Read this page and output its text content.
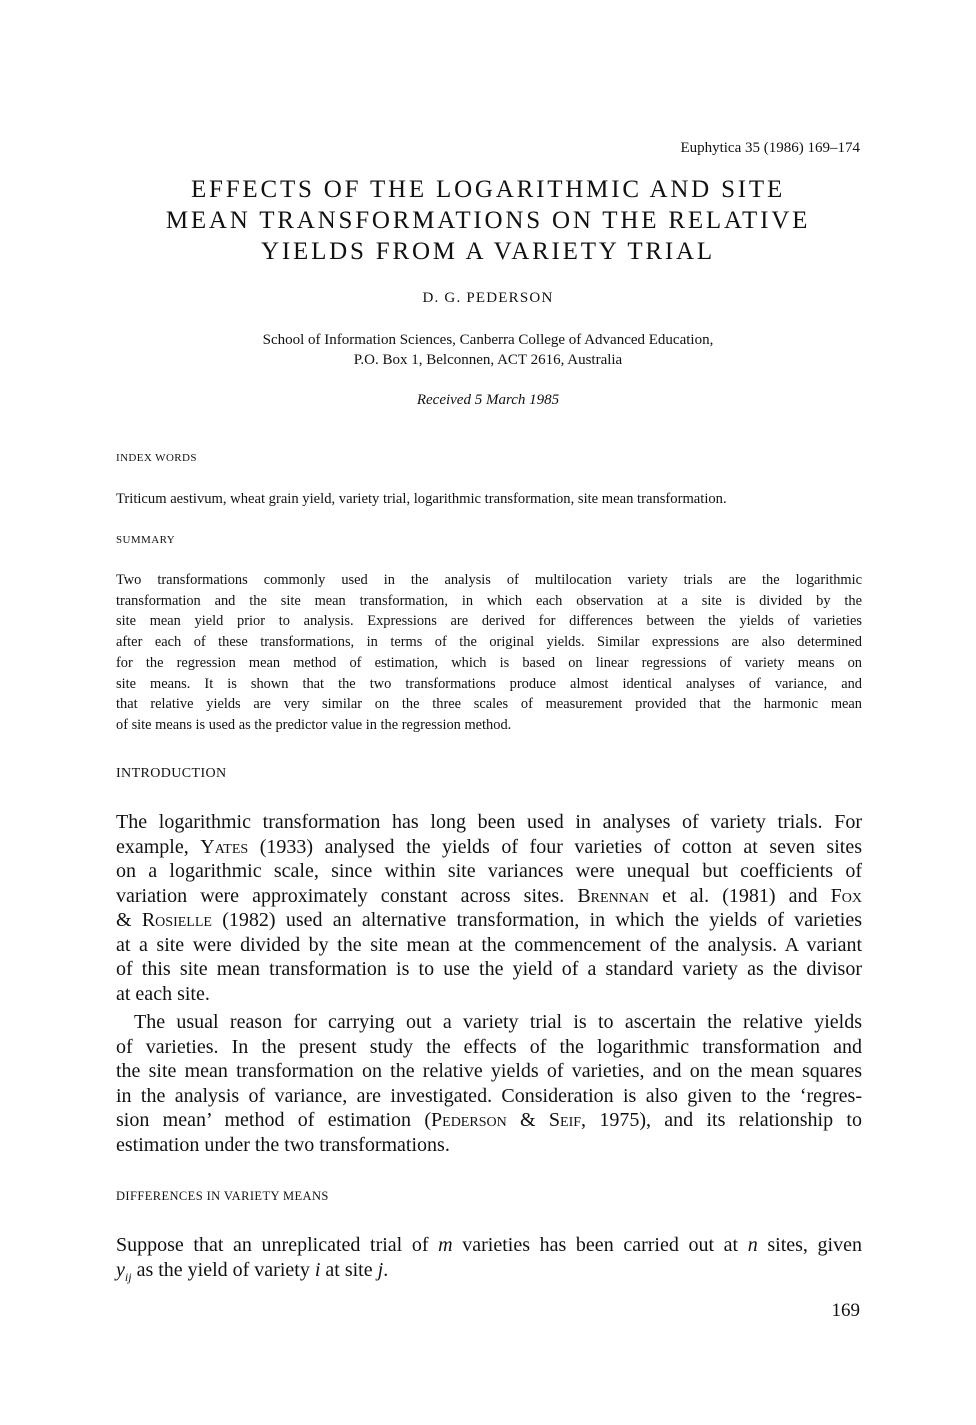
Euphytica 35 (1986) 169–174
EFFECTS OF THE LOGARITHMIC AND SITE
MEAN TRANSFORMATIONS ON THE RELATIVE
YIELDS FROM A VARIETY TRIAL
D. G. PEDERSON
School of Information Sciences, Canberra College of Advanced Education,
P.O. Box 1, Belconnen, ACT 2616, Australia
Received 5 March 1985
INDEX WORDS
Triticum aestivum, wheat grain yield, variety trial, logarithmic transformation, site mean transformation.
SUMMARY
Two transformations commonly used in the analysis of multilocation variety trials are the logarithmic
transformation and the site mean transformation, in which each observation at a site is divided by the
site mean yield prior to analysis. Expressions are derived for differences between the yields of varieties
after each of these transformations, in terms of the original yields. Similar expressions are also determined
for the regression mean method of estimation, which is based on linear regressions of variety means on
site means. It is shown that the two transformations produce almost identical analyses of variance, and
that relative yields are very similar on the three scales of measurement provided that the harmonic mean
of site means is used as the predictor value in the regression method.
INTRODUCTION
The logarithmic transformation has long been used in analyses of variety trials. For
example, Yates (1933) analysed the yields of four varieties of cotton at seven sites
on a logarithmic scale, since within site variances were unequal but coefficients of
variation were approximately constant across sites. Brennan et al. (1981) and Fox
& Rosielle (1982) used an alternative transformation, in which the yields of varieties
at a site were divided by the site mean at the commencement of the analysis. A variant
of this site mean transformation is to use the yield of a standard variety as the divisor
at each site.
The usual reason for carrying out a variety trial is to ascertain the relative yields
of varieties. In the present study the effects of the logarithmic transformation and
the site mean transformation on the relative yields of varieties, and on the mean squares
in the analysis of variance, are investigated. Consideration is also given to the ‘regres-
sion mean’ method of estimation (Pederson & Seif, 1975), and its relationship to
estimation under the two transformations.
DIFFERENCES IN VARIETY MEANS
Suppose that an unreplicated trial of m varieties has been carried out at n sites, given
$y_{ij}$ as the yield of variety i at site j.
169
